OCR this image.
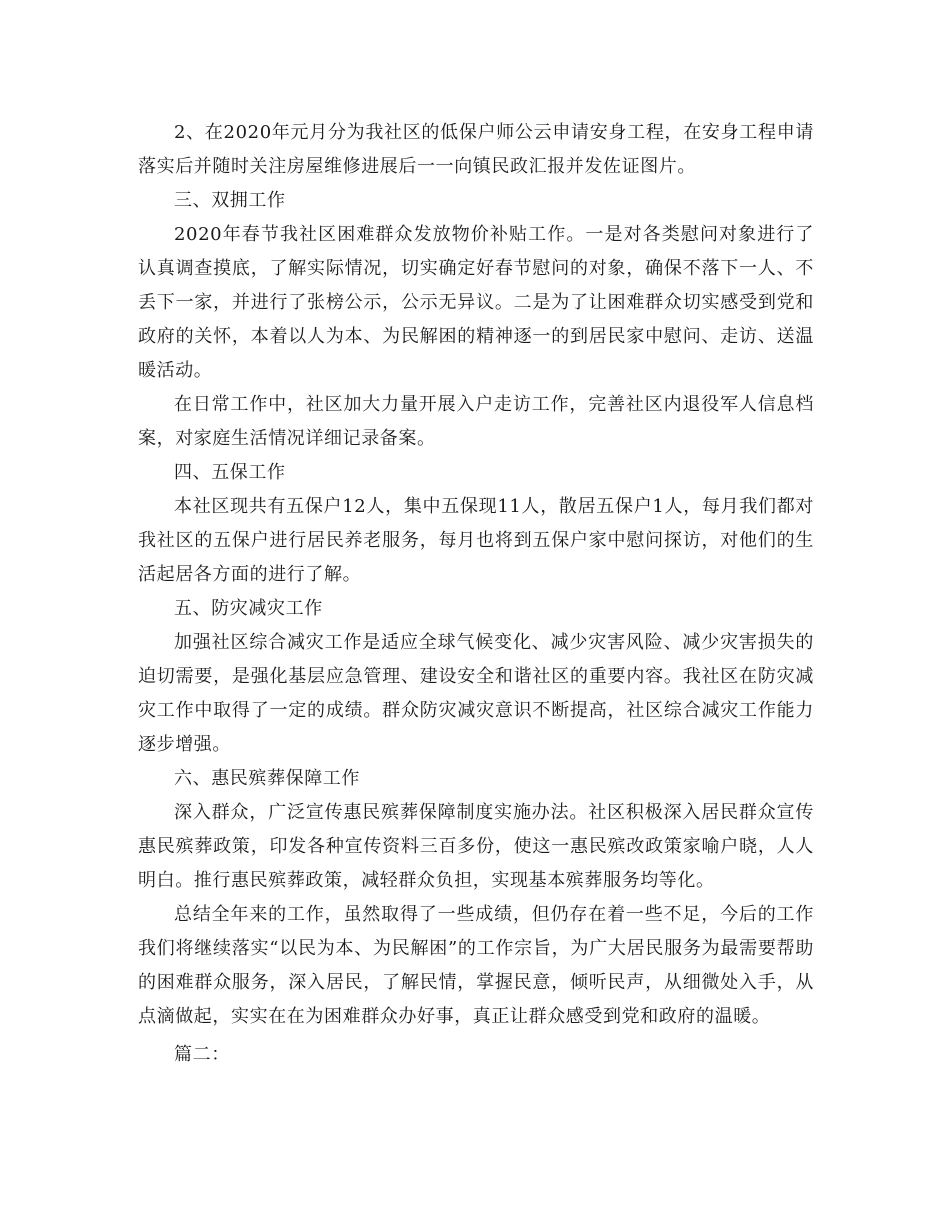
2、在2020年元月分为我社区的低保户师公云申请安身工程，在安身工程申请落实后并随时关注房屋维修进展后一一向镇民政汇报并发佐证图片。

三、双拥工作

2020年春节我社区困难群众发放物价补贴工作。一是对各类慰问对象进行了认真调查摸底，了解实际情况，切实确定好春节慰问的对象，确保不落下一人、不丢下一家，并进行了张榜公示，公示无异议。二是为了让困难群众切实感受到党和政府的关怀，本着以人为本、为民解困的精神逐一的到居民家中慰问、走访、送温暖活动。

在日常工作中，社区加大力量开展入户走访工作，完善社区内退役军人信息档案，对家庭生活情况详细记录备案。

四、五保工作

本社区现共有五保户12人，集中五保现11人，散居五保户1人，每月我们都对我社区的五保户进行居民养老服务，每月也将到五保户家中慰问探访，对他们的生活起居各方面的进行了解。

五、防灾减灾工作

加强社区综合减灾工作是适应全球气候变化、减少灾害风险、减少灾害损失的迫切需要，是强化基层应急管理、建设安全和谐社区的重要内容。我社区在防灾减灾工作中取得了一定的成绩。群众防灾减灾意识不断提高，社区综合减灾工作能力逐步增强。

六、惠民殡葬保障工作

深入群众，广泛宣传惠民殡葬保障制度实施办法。社区积极深入居民群众宣传惠民殡葬政策，印发各种宣传资料三百多份，使这一惠民殡改政策家喻户晓，人人明白。推行惠民殡葬政策，减轻群众负担，实现基本殡葬服务均等化。

总结全年来的工作，虽然取得了一些成绩，但仍存在着一些不足，今后的工作我们将继续落实“以民为本、为民解困”的工作宗旨，为广大居民服务为最需要帮助的困难群众服务，深入居民，了解民情，掌握民意，倾听民声，从细微处入手，从点滴做起，实实在在为困难群众办好事，真正让群众感受到党和政府的温暖。

篇二：
